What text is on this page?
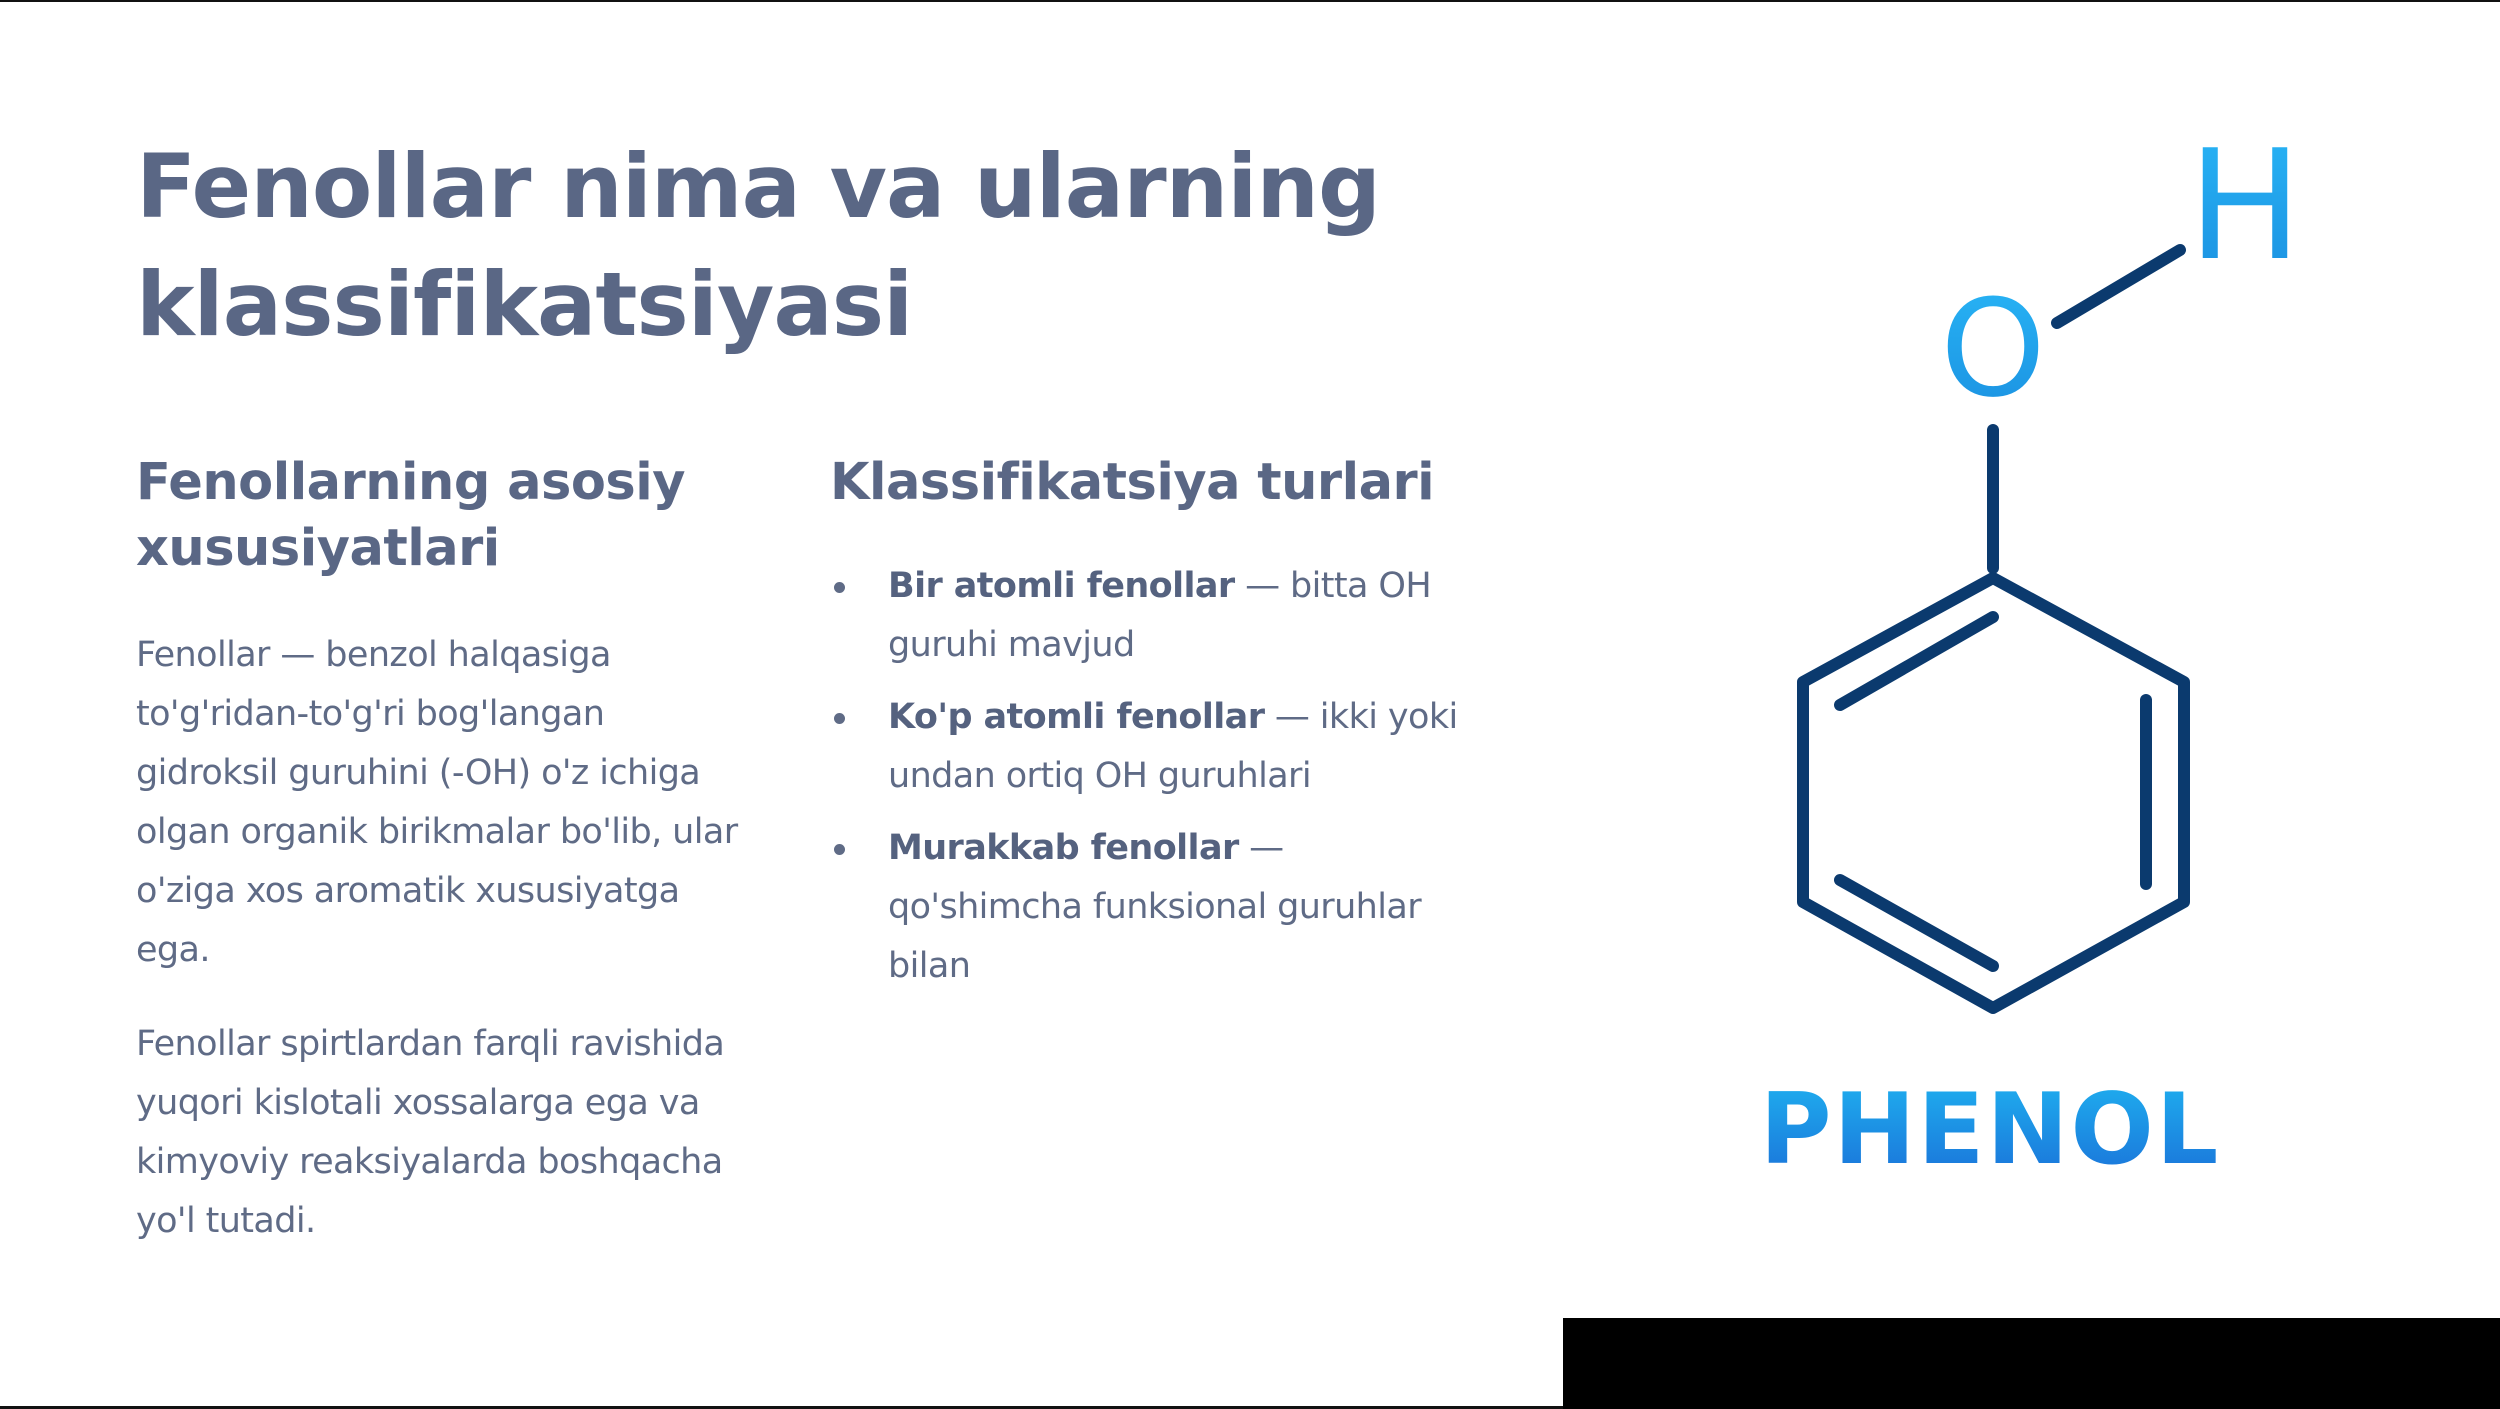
Fenollar nima va ularning klassifikatsiyasi
Fenollarning asosiy xususiyatlari

Fenollar — benzol halqasiga to'g'ridan-to'g'ri bog'langan gidroksil guruhini (-OH) o'z ichiga olgan organik birikmalar bo'lib, ular o'ziga xos aromatik xususiyatga ega.

Fenollar spirtlardan farqli ravishida yuqori kislotali xossalarga ega va kimyoviy reaksiyalarda boshqacha yo'l tutadi.

Klassifikatsiya turlari
Bir atomli fenollar — bitta OH guruhi mavjud
Ko'p atomli fenollar — ikki yoki undan ortiq OH guruhlari
Murakkab fenollar — qo'shimcha funksional guruhlar bilan
O
H
PHENOL
